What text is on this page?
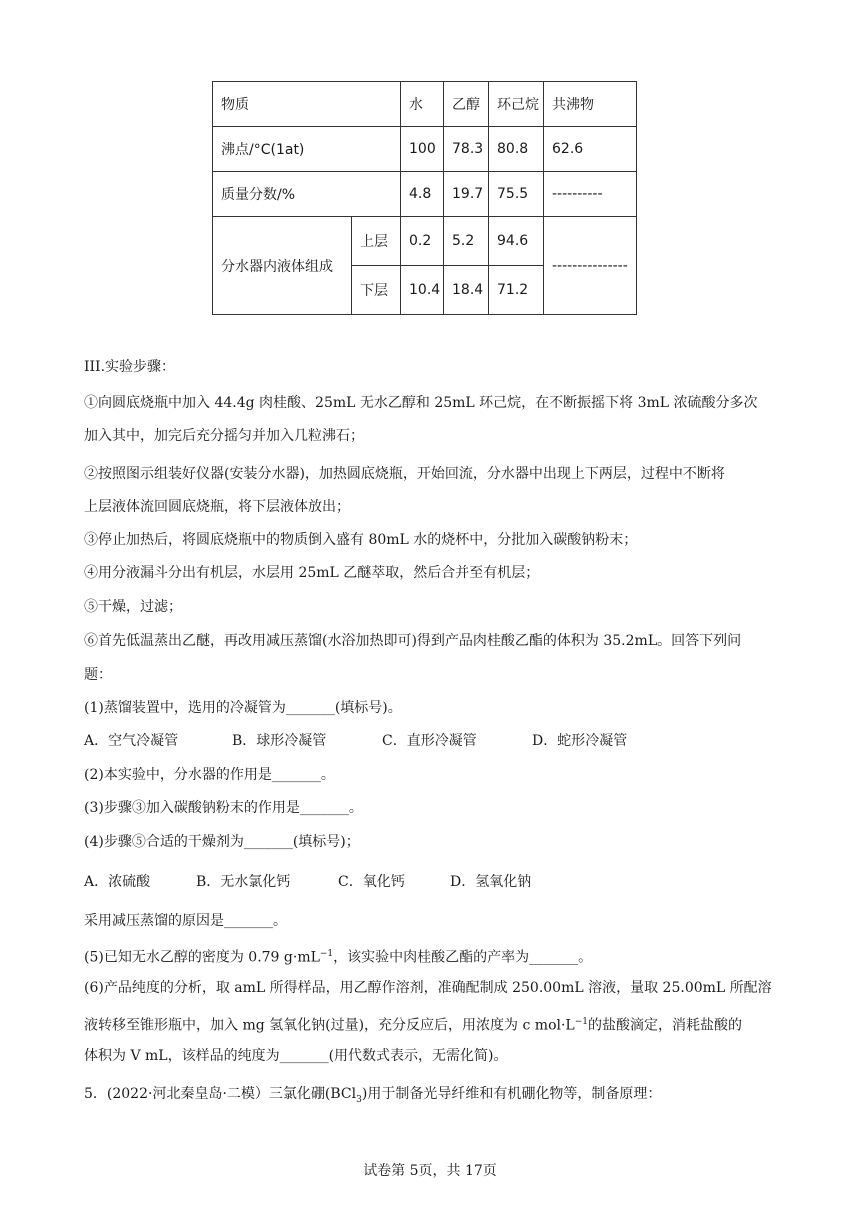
物质		水	乙醇	环己烷	共沸物
沸点/°C(1at)		100	78.3	80.8	62.6
质量分数/%		4.8	19.7	75.5	----------
分水器内液体组成	上层	0.2	5.2	94.6	---------------
	下层	10.4	18.4	71.2	
III.实验步骤：
①向圆底烧瓶中加入 44.4g 肉桂酸、25mL 无水乙醇和 25mL 环己烷，在不断振摇下将 3mL 浓硫酸分多次
加入其中，加完后充分摇匀并加入几粒沸石；
②按照图示组装好仪器(安装分水器)，加热圆底烧瓶，开始回流，分水器中出现上下两层，过程中不断将
上层液体流回圆底烧瓶，将下层液体放出；
③停止加热后，将圆底烧瓶中的物质倒入盛有 80mL 水的烧杯中，分批加入碳酸钠粉末；
④用分液漏斗分出有机层，水层用 25mL 乙醚萃取，然后合并至有机层；
⑤干燥，过滤；
⑥首先低温蒸出乙醚，再改用减压蒸馏(水浴加热即可)得到产品肉桂酸乙酯的体积为 35.2mL。回答下列问
题：
(1)蒸馏装置中，选用的冷凝管为_______(填标号)。
A．空气冷凝管	B．球形冷凝管	C．直形冷凝管	D．蛇形冷凝管
(2)本实验中，分水器的作用是_______。
(3)步骤③加入碳酸钠粉末的作用是_______。
(4)步骤⑤合适的干燥剂为_______(填标号)；
A．浓硫酸	B．无水氯化钙	C．氧化钙	D．氢氧化钠
采用减压蒸馏的原因是_______。
(5)已知无水乙醇的密度为 0.79 $g\cdot mL^{-1}$，该实验中肉桂酸乙酯的产率为_______。
(6)产品纯度的分析，取 amL 所得样品，用乙醇作溶剂，准确配制成 250.00mL 溶液，量取 25.00mL 所配溶
液转移至锥形瓶中，加入 mg 氢氧化钠(过量)，充分反应后，用浓度为 c $mol\cdot L^{-1}$的盐酸滴定，消耗盐酸的
体积为 V mL，该样品的纯度为_______(用代数式表示，无需化简)。
5．(2022·河北秦皇岛·二模）三氯化硼(BCl$_3$)用于制备光导纤维和有机硼化物等，制备原理：
试卷第 5页，共 17页
